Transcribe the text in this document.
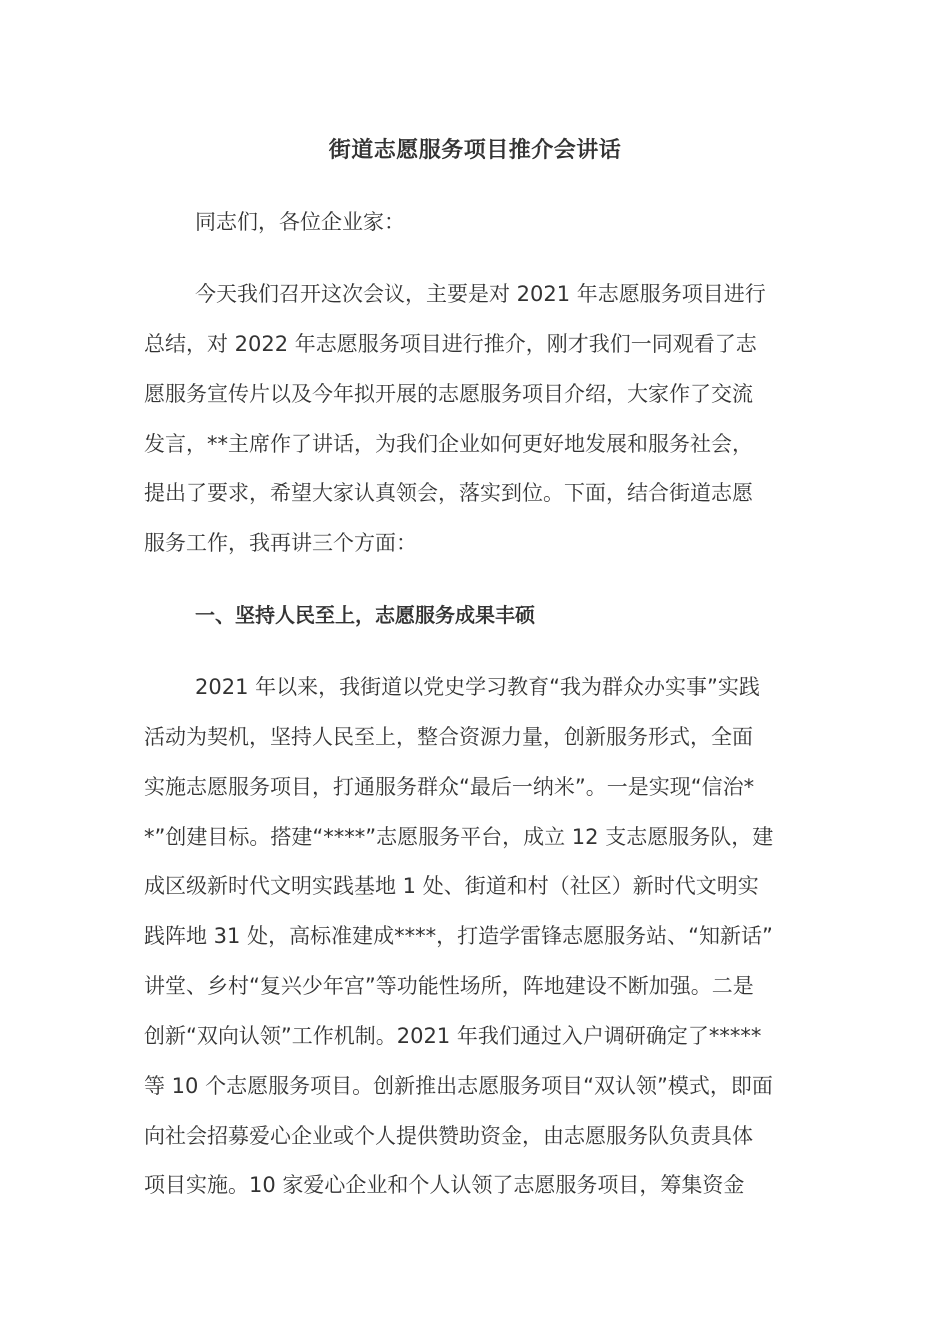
街道志愿服务项目推介会讲话
同志们，各位企业家：
今天我们召开这次会议，主要是对 2021 年志愿服务项目进行
总结，对 2022 年志愿服务项目进行推介，刚才我们一同观看了志
愿服务宣传片以及今年拟开展的志愿服务项目介绍，大家作了交流
发言，**主席作了讲话，为我们企业如何更好地发展和服务社会，
提出了要求，希望大家认真领会，落实到位。下面，结合街道志愿
服务工作，我再讲三个方面：
一、坚持人民至上，志愿服务成果丰硕
2021 年以来，我街道以党史学习教育“我为群众办实事”实践
活动为契机，坚持人民至上，整合资源力量，创新服务形式，全面
实施志愿服务项目，打通服务群众“最后一纳米”。一是实现“信治*
*”创建目标。搭建“****”志愿服务平台，成立 12 支志愿服务队，建
成区级新时代文明实践基地 1 处、街道和村（社区）新时代文明实
践阵地 31 处，高标准建成****，打造学雷锋志愿服务站、“知新话”
讲堂、乡村“复兴少年宫”等功能性场所，阵地建设不断加强。二是
创新“双向认领”工作机制。2021 年我们通过入户调研确定了*****
等 10 个志愿服务项目。创新推出志愿服务项目“双认领”模式，即面
向社会招募爱心企业或个人提供赞助资金，由志愿服务队负责具体
项目实施。10 家爱心企业和个人认领了志愿服务项目，筹集资金
